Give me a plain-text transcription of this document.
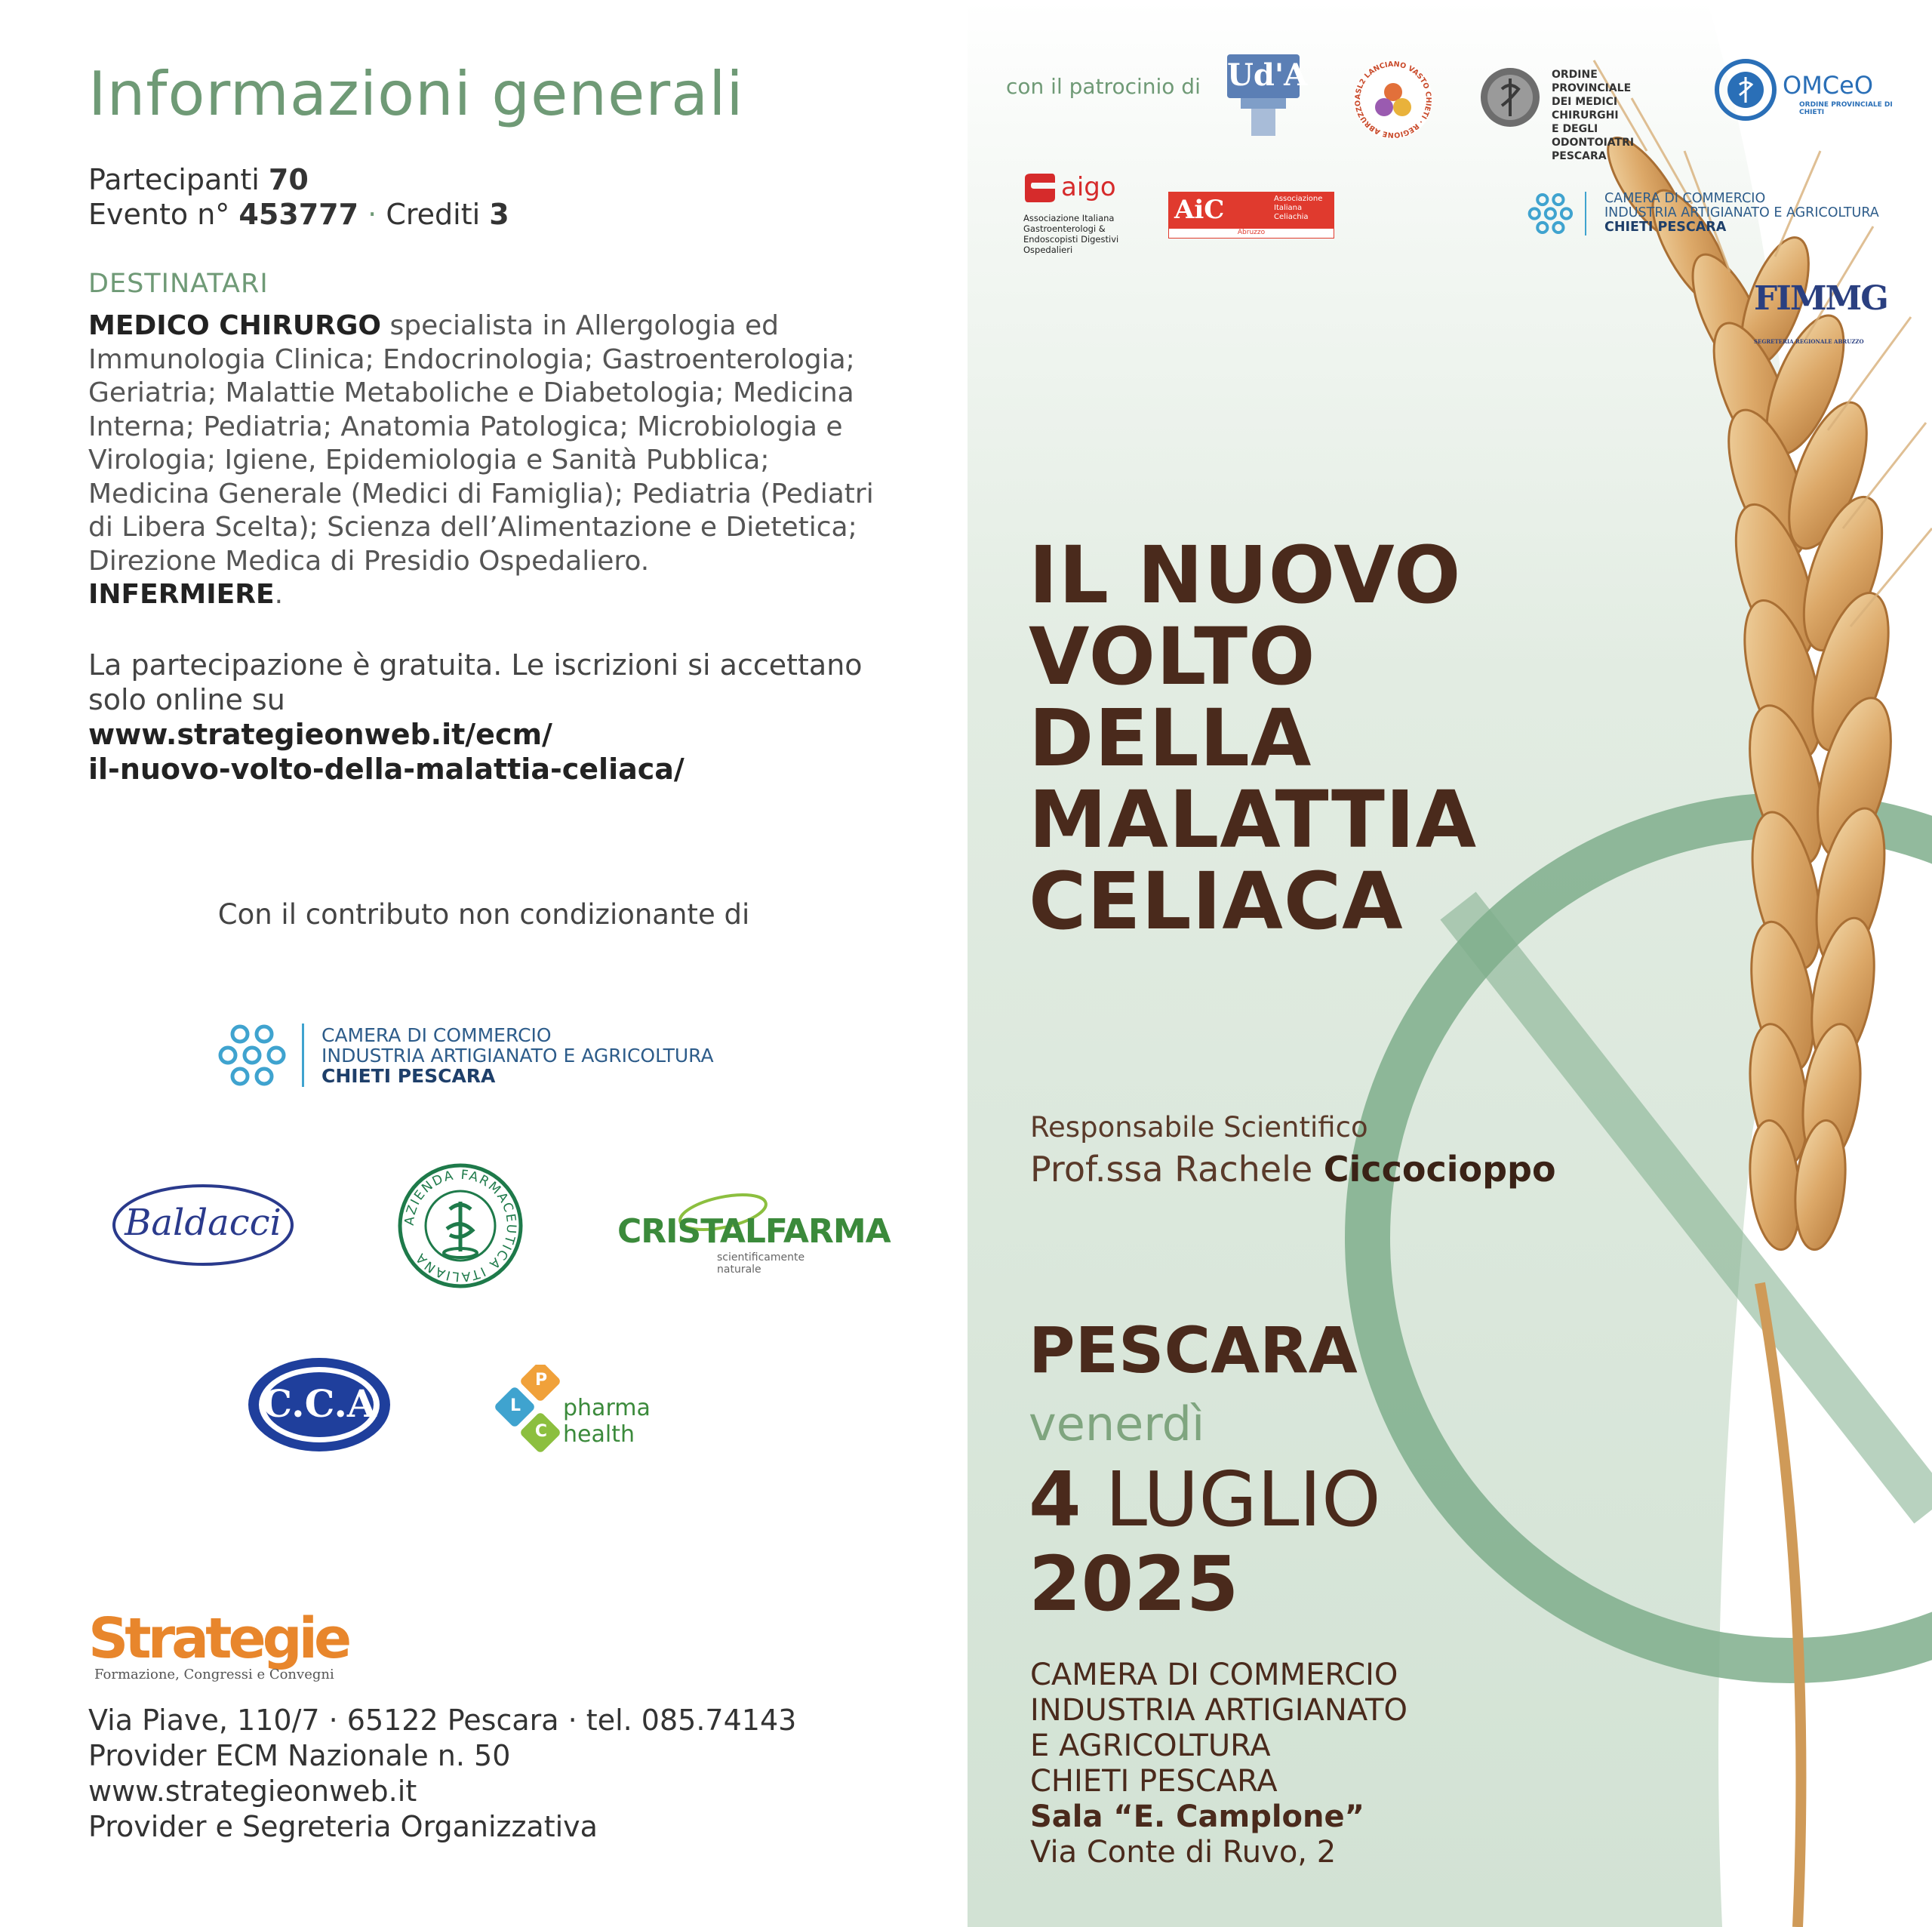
Informazioni generali
Partecipanti 70
Evento n° 453777 · Crediti 3
DESTINATARI
MEDICO CHIRURGO specialista in Allergologia ed Immunologia Clinica; Endocrinologia; Gastroenterologia; Geriatria; Malattie Metaboliche e Diabetologia; Medicina Interna; Pediatria; Anatomia Patologica; Microbiologia e Virologia; Igiene, Epidemiologia e Sanità Pubblica; Medicina Generale (Medici di Famiglia); Pediatria (Pediatri di Libera Scelta); Scienza dell’Alimentazione e Dietetica; Direzione Medica di Presidio Ospedaliero.
INFERMIERE.
La partecipazione è gratuita. Le iscrizioni si accettano solo online su
www.strategieonweb.it/ecm/
il-nuovo-volto-della-malattia-celiaca/
Con il contributo non condizionante di
CAMERA DI COMMERCIO
INDUSTRIA ARTIGIANATO E AGRICOLTURA
CHIETI PESCARA
Baldacci	AZIENDA FARMACEUTICA ITALIANA
CRISTALFARMA
scientificamente naturale
C.C.A
P
L
C
pharma health
Strategie
Formazione, Congressi e Convegni
Via Piave, 110/7 · 65122 Pescara · tel. 085.74143
Provider ECM Nazionale n. 50
www.strategieonweb.it
Provider e Segreteria Organizzativa
con il patrocinio di Ud'A
ASL2 LANCIANO VASTO CHIETI · REGIONE ABRUZZO
ORDINE PROVINCIALE
DEI MEDICI CHIRURGHI
E DEGLI ODONTOIATRI
PESCARA
OMCeO
ORDINE PROVINCIALE DI CHIETI
aigo
Associazione Italiana
Gastroenterologi &
Endoscopisti Digestivi
Ospedalieri
AiC	Associazione
Italiana
Celiachia
Abruzzo
CAMERA DI COMMERCIO
INDUSTRIA ARTIGIANATO E AGRICOLTURA
CHIETI PESCARA
FIMMG
SEGRETERIA REGIONALE ABRUZZO
IL NUOVO
VOLTO
DELLA
MALATTIA
CELIACA
Responsabile Scientifico
Prof.ssa Rachele Ciccocioppo
PESCARA
venerdì
4 LUGLIO
2025
CAMERA DI COMMERCIO
INDUSTRIA ARTIGIANATO
E AGRICOLTURA
CHIETI PESCARA
Sala “E. Camplone”
Via Conte di Ruvo, 2
